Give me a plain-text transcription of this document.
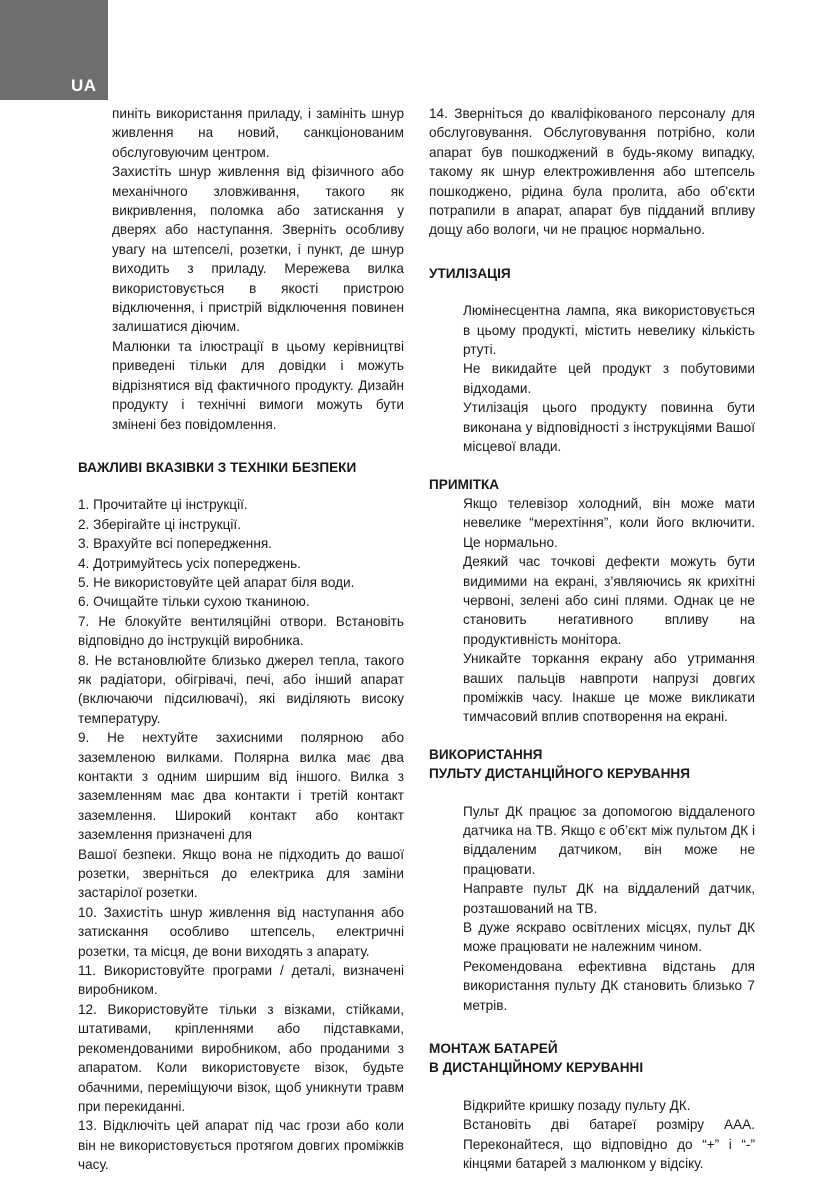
UA

пиніть використання приладу, і замініть шнур живлення на новий, санкціонованим обслуговуючим центром.

Захистіть шнур живлення від фізичного або механічного зловживання, такого як викривлення, поломка або затискання у дверях або наступання. Зверніть особливу увагу на штепселі, розетки, і пункт, де шнур виходить з приладу. Мережева вилка використовується в якості пристрою відключення, і пристрій відключення повинен залишатися діючим.

Малюнки та ілюстрації в цьому керівництві приведені тільки для довідки і можуть відрізнятися від фактичного продукту. Дизайн продукту і технічні вимоги можуть бути змінені без повідомлення.

ВАЖЛИВІ ВКАЗІВКИ З ТЕХНІКИ БЕЗПЕКИ

1. Прочитайте ці інструкції.
2. Зберігайте ці інструкції.
3. Врахуйте всі попередження.
4. Дотримуйтесь усіх попереджень.
5. Не використовуйте цей апарат біля води.
6. Очищайте тільки сухою тканиною.
7. Не блокуйте вентиляційні отвори. Встановіть відповідно до інструкцій виробника.
8. Не встановлюйте близько джерел тепла, такого як радіатори, обігрівачі, печі, або інший апарат (включаючи підсилювачі), які виділяють високу температуру.
9. Не нехтуйте захисними полярною або заземленою вилками. Полярна вилка має два контакти з одним ширшим від іншого. Вилка з заземленням має два контакти і третій контакт заземлення. Широкий контакт або контакт заземлення призначені для
Вашої безпеки. Якщо вона не підходить до вашої розетки, зверніться до електрика для заміни застарілої розетки.
10. Захистіть шнур живлення від наступання або затискання особливо штепсель, електричні розетки, та місця, де вони виходять з апарату.
11. Використовуйте програми / деталі, визначені виробником.
12. Використовуйте тільки з візками, стійками, штативами, кріпленнями або підставками, рекомендованими виробником, або проданими з апаратом. Коли використовуєте візок, будьте обачними, переміщуючи візок, щоб уникнути травм при перекиданні.
13. Відключіть цей апарат під час грози або коли він не використовується протягом довгих проміжків часу.

14. Зверніться до кваліфікованого персоналу для обслуговування. Обслуговування потрібно, коли апарат був пошкоджений в будь-якому випадку, такому як шнур електроживлення або штепсель пошкоджено, рідина була пролита, або об'єкти потрапили в апарат, апарат був підданий впливу дощу або вологи, чи не працює нормально.

УТИЛІЗАЦІЯ

Люмінесцентна лампа, яка використовується в цьому продукті, містить невелику кількість ртуті.

Не викидайте цей продукт з побутовими відходами.

Утилізація цього продукту повинна бути виконана у відповідності з інструкціями Вашої місцевої влади.

ПРИМІТКА

Якщо телевізор холодний, він може мати невелике “мерехтіння”, коли його включити. Це нормально.

Деякий час точкові дефекти можуть бути видимими на екрані, з’являючись як крихітні червоні, зелені або сині плями. Однак це не становить негативного впливу на продуктивність монітора.

Уникайте торкання екрану або утримання ваших пальців навпроти напрузі довгих проміжків часу. Інакше це може викликати тимчасовий вплив спотворення на екрані.

ВИКОРИСТАННЯ

ПУЛЬТУ ДИСТАНЦІЙНОГО КЕРУВАННЯ

Пульт ДК працює за допомогою віддаленого датчика на ТВ. Якщо є об’єкт між пультом ДК і віддаленим датчиком, він може не працювати.

Направте пульт ДК на віддалений датчик, розташований на ТВ.

В дуже яскраво освітлених місцях, пульт ДК може працювати не належним чином.

Рекомендована ефективна відстань для використання пульту ДК становить близько 7 метрів.

МОНТАЖ БАТАРЕЙ

В ДИСТАНЦІЙНОМУ КЕРУВАННІ

Відкрийте кришку позаду пульту ДК.

Встановіть дві батареї розміру ААА. Переконайтеся, що відповідно до “+” і “-” кінцями батарей з малюнком у відсіку.
